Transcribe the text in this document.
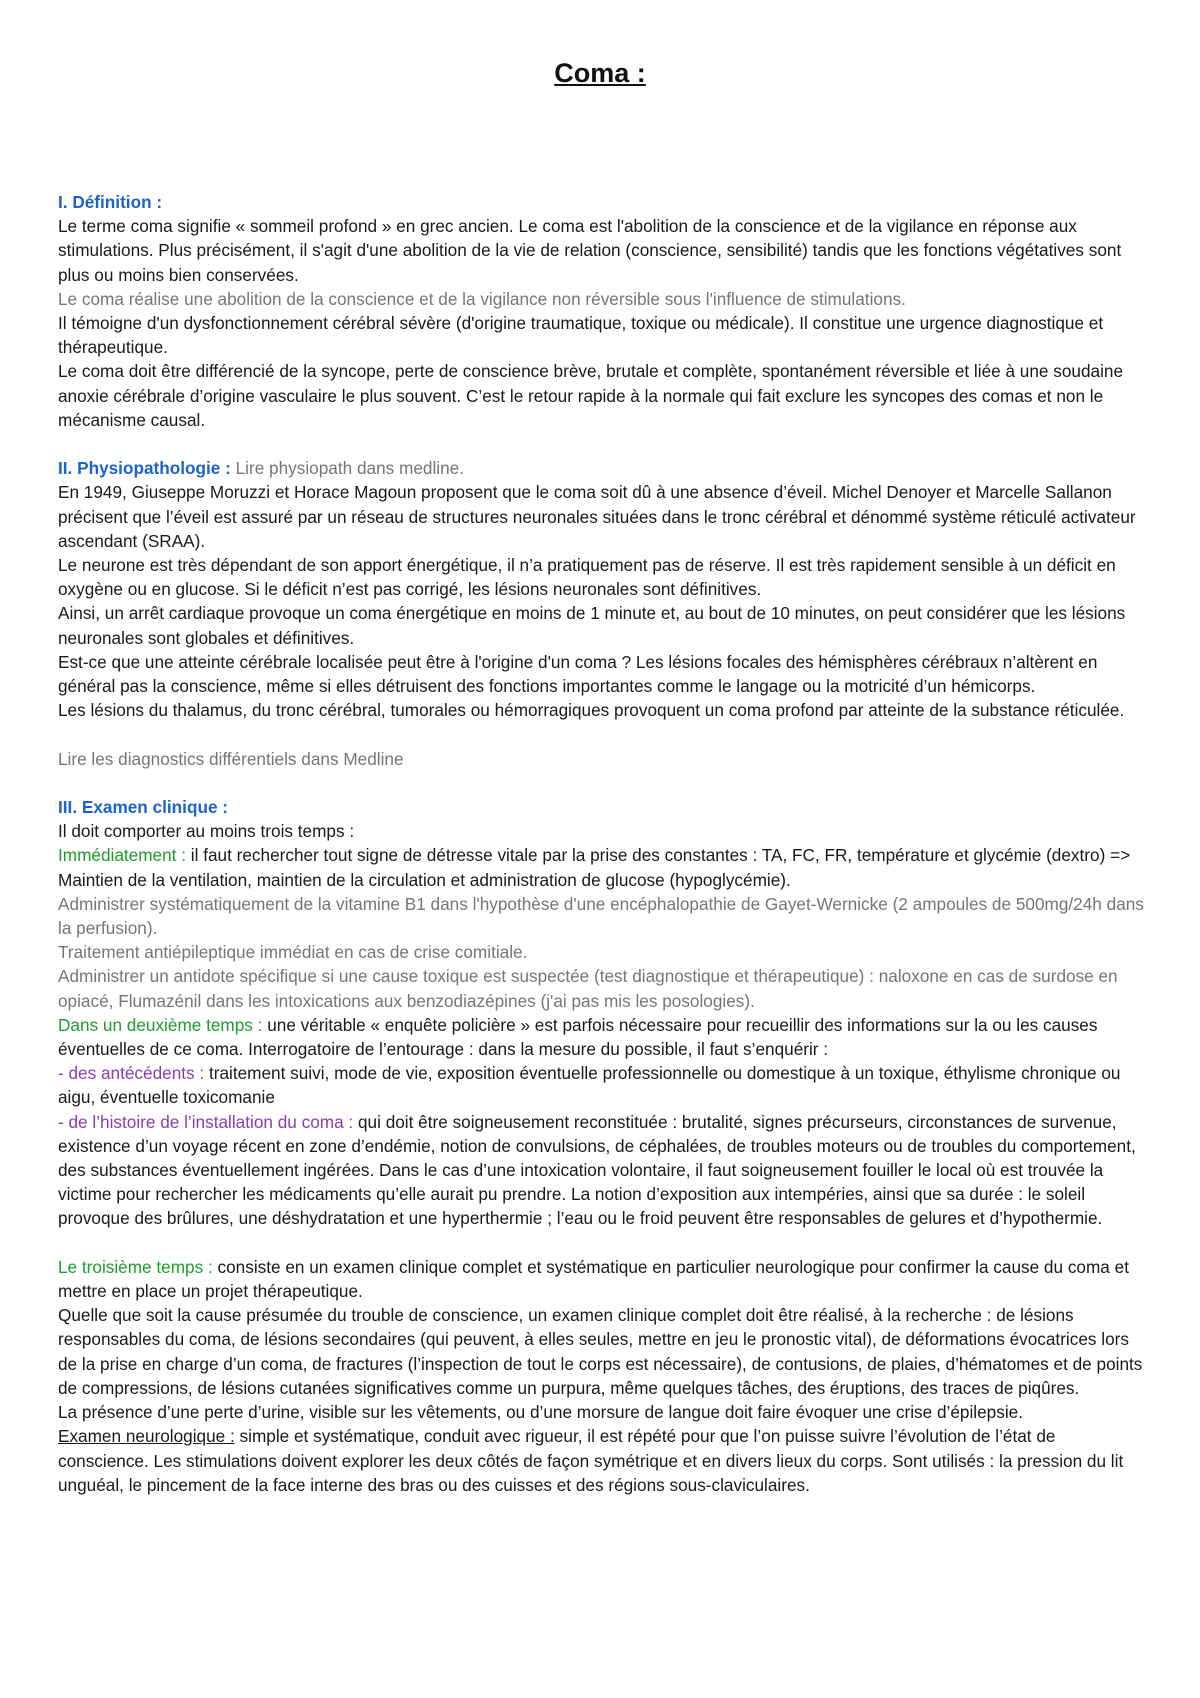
Coma :

I. Définition :

Le terme coma signifie « sommeil profond » en grec ancien. Le coma est l'abolition de la conscience et de la vigilance en réponse aux stimulations. Plus précisément, il s'agit d'une abolition de la vie de relation (conscience, sensibilité) tandis que les fonctions végétatives sont plus ou moins bien conservées.

Le coma réalise une abolition de la conscience et de la vigilance non réversible sous l'influence de stimulations.

Il témoigne d'un dysfonctionnement cérébral sévère (d'origine traumatique, toxique ou médicale). Il constitue une urgence diagnostique et thérapeutique.

Le coma doit être différencié de la syncope, perte de conscience brève, brutale et complète, spontanément réversible et liée à une soudaine anoxie cérébrale d’origine vasculaire le plus souvent. C’est le retour rapide à la normale qui fait exclure les syncopes des comas et non le mécanisme causal.

II. Physiopathologie : Lire physiopath dans medline.

En 1949, Giuseppe Moruzzi et Horace Magoun proposent que le coma soit dû à une absence d’éveil. Michel Denoyer et Marcelle Sallanon précisent que l’éveil est assuré par un réseau de structures neuronales situées dans le tronc cérébral et dénommé système réticulé activateur ascendant (SRAA).

Le neurone est très dépendant de son apport énergétique, il n’a pratiquement pas de réserve. Il est très rapidement sensible à un déficit en oxygène ou en glucose. Si le déficit n’est pas corrigé, les lésions neuronales sont définitives.

Ainsi, un arrêt cardiaque provoque un coma énergétique en moins de 1 minute et, au bout de 10 minutes, on peut considérer que les lésions neuronales sont globales et définitives.

Est-ce que une atteinte cérébrale localisée peut être à l'origine d'un coma ? Les lésions focales des hémisphères cérébraux n’altèrent en général pas la conscience, même si elles détruisent des fonctions importantes comme le langage ou la motricité d’un hémicorps.

Les lésions du thalamus, du tronc cérébral, tumorales ou hémorragiques provoquent un coma profond par atteinte de la substance réticulée.

Lire les diagnostics différentiels dans Medline

III. Examen clinique :

Il doit comporter au moins trois temps :

Immédiatement : il faut rechercher tout signe de détresse vitale par la prise des constantes : TA, FC, FR, température et glycémie (dextro) => Maintien de la ventilation, maintien de la circulation et administration de glucose (hypoglycémie).

Administrer systématiquement de la vitamine B1 dans l'hypothèse d'une encéphalopathie de Gayet-Wernicke (2 ampoules de 500mg/24h dans la perfusion).

Traitement antiépileptique immédiat en cas de crise comitiale.

Administrer un antidote spécifique si une cause toxique est suspectée (test diagnostique et thérapeutique) : naloxone en cas de surdose en opiacé, Flumazénil dans les intoxications aux benzodiazépines (j'ai pas mis les posologies).

Dans un deuxième temps : une véritable « enquête policière » est parfois nécessaire pour recueillir des informations sur la ou les causes éventuelles de ce coma. Interrogatoire de l’entourage : dans la mesure du possible, il faut s’enquérir :

- des antécédents : traitement suivi, mode de vie, exposition éventuelle professionnelle ou domestique à un toxique, éthylisme chronique ou aigu, éventuelle toxicomanie

- de l’histoire de l’installation du coma : qui doit être soigneusement reconstituée : brutalité, signes précurseurs, circonstances de survenue, existence d’un voyage récent en zone d’endémie, notion de convulsions, de céphalées, de troubles moteurs ou de troubles du comportement, des substances éventuellement ingérées. Dans le cas d’une intoxication volontaire, il faut soigneusement fouiller le local où est trouvée la victime pour rechercher les médicaments qu’elle aurait pu prendre. La notion d’exposition aux intempéries, ainsi que sa durée : le soleil provoque des brûlures, une déshydratation et une hyperthermie ; l’eau ou le froid peuvent être responsables de gelures et d’hypothermie.

Le troisième temps : consiste en un examen clinique complet et systématique en particulier neurologique pour confirmer la cause du coma et mettre en place un projet thérapeutique.

Quelle que soit la cause présumée du trouble de conscience, un examen clinique complet doit être réalisé, à la recherche : de lésions responsables du coma, de lésions secondaires (qui peuvent, à elles seules, mettre en jeu le pronostic vital), de déformations évocatrices lors de la prise en charge d’un coma, de fractures (l’inspection de tout le corps est nécessaire), de contusions, de plaies, d’hématomes et de points de compressions, de lésions cutanées significatives comme un purpura, même quelques tâches, des éruptions, des traces de piqûres.

La présence d’une perte d’urine, visible sur les vêtements, ou d’une morsure de langue doit faire évoquer une crise d’épilepsie.

Examen neurologique : simple et systématique, conduit avec rigueur, il est répété pour que l’on puisse suivre l’évolution de l’état de conscience. Les stimulations doivent explorer les deux côtés de façon symétrique et en divers lieux du corps. Sont utilisés : la pression du lit unguéal, le pincement de la face interne des bras ou des cuisses et des régions sous-claviculaires.
